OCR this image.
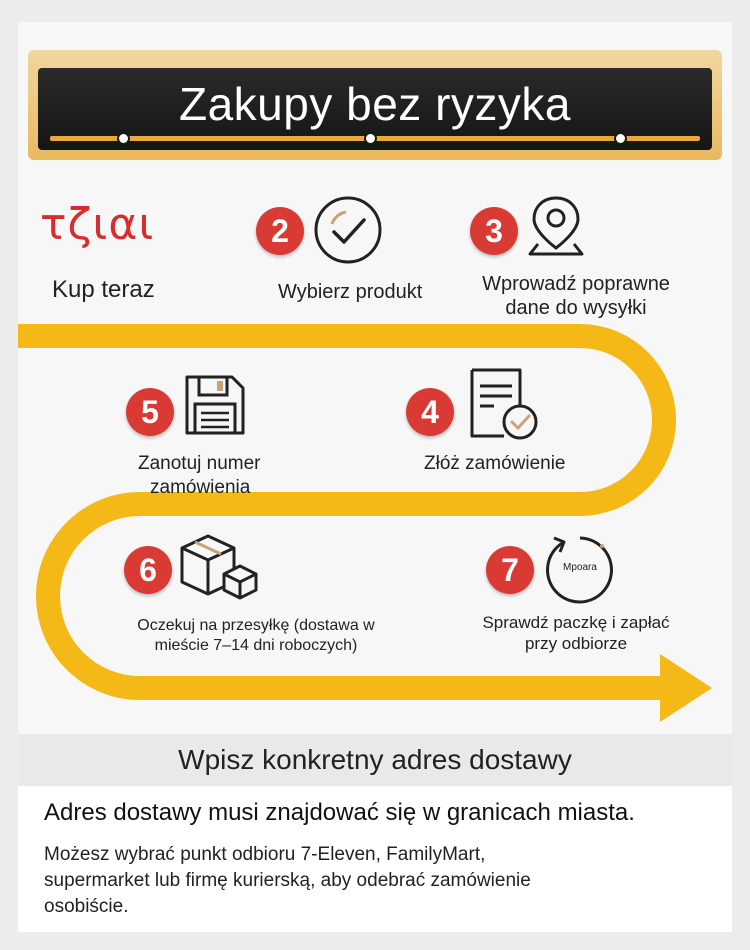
Zakupy bez ryzyka
τζιαι
Kup teraz
2
Wybierz produkt
3
Wprowadź poprawne
dane do wysyłki
5
Zanotuj numer
zamówienia
4
Złóż zamówienie
6
Oczekuj na przesyłkę (dostawa w
mieście 7–14 dni roboczych)
7	Mpoara
Sprawdź paczkę i zapłać
przy odbiorze
Wpisz konkretny adres dostawy
Adres dostawy musi znajdować się w granicach miasta.
Możesz wybrać punkt odbioru 7-Eleven, FamilyMart,
supermarket lub firmę kurierską, aby odebrać zamówienie
osobiście.
